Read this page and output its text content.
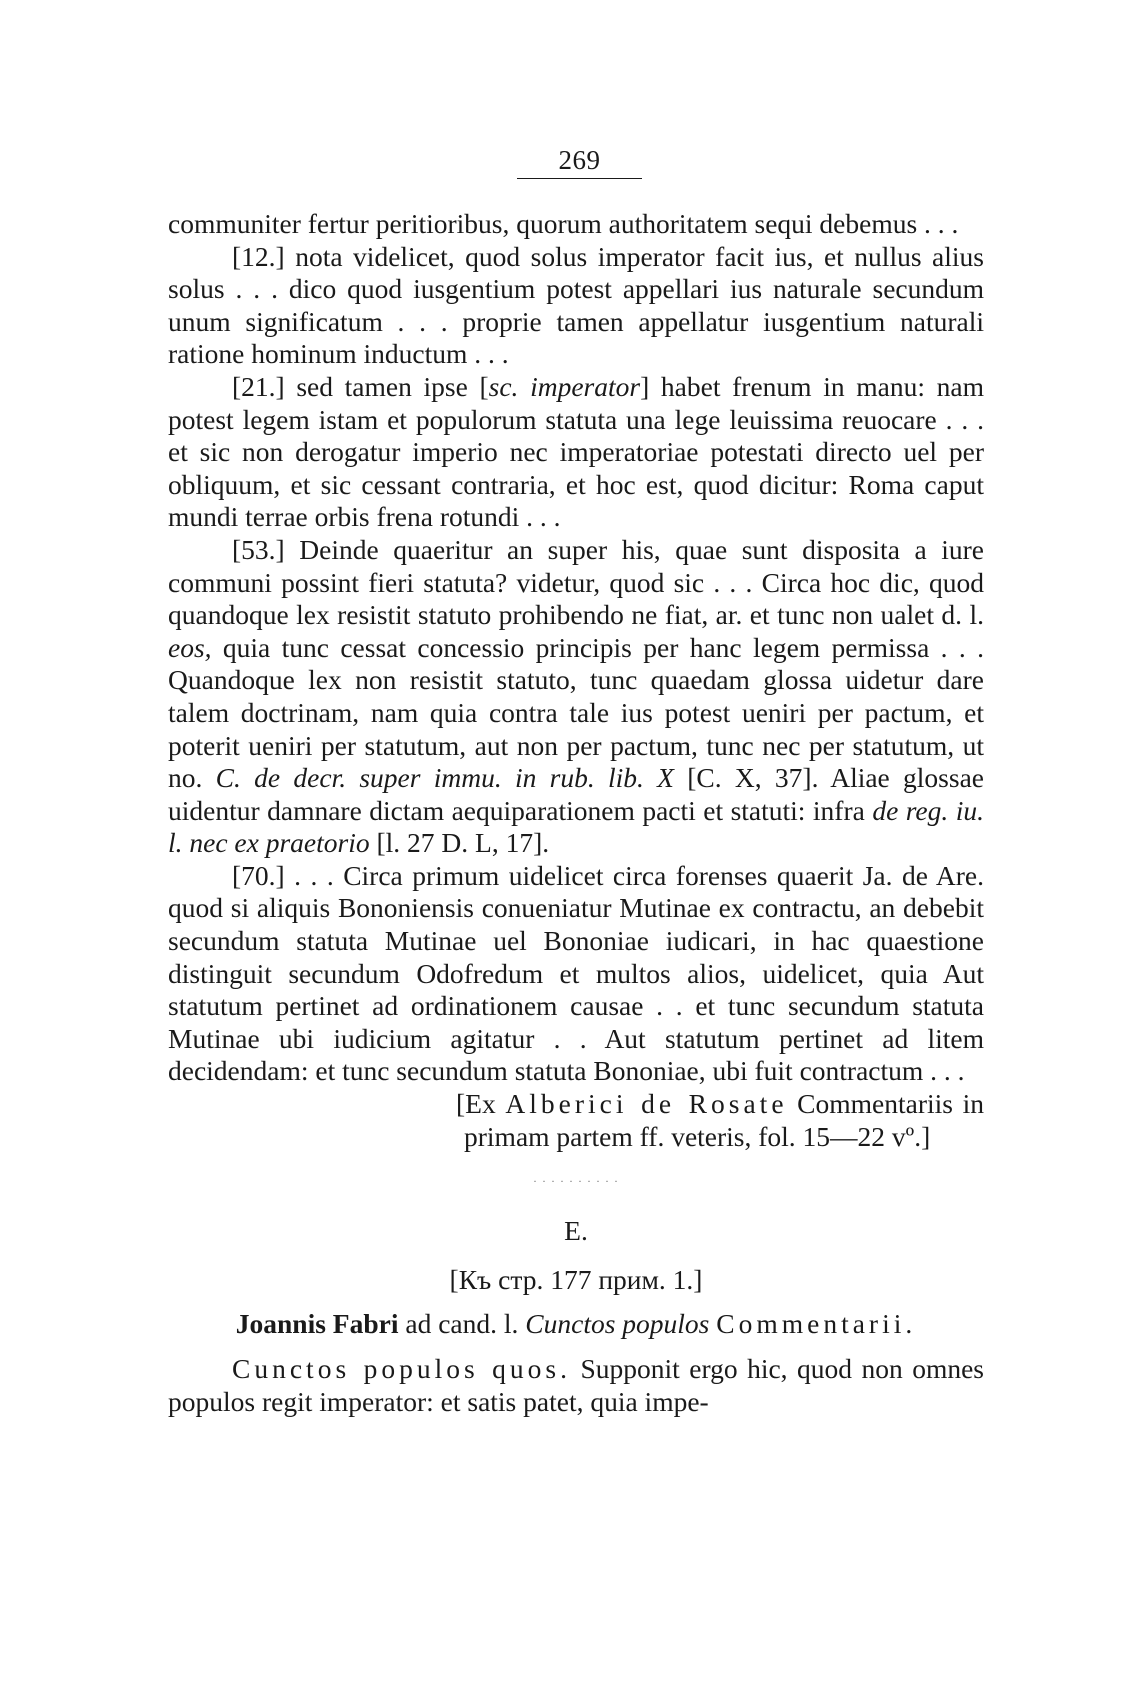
269

communiter fertur peritioribus, quorum authoritatem sequi debemus . . .

[12.] nota videlicet, quod solus imperator facit ius, et nullus alius solus . . . dico quod iusgentium potest appellari ius naturale secundum unum significatum . . . proprie tamen appellatur iusgentium naturali ratione hominum inductum . . .

[21.] sed tamen ipse [sc. imperator] habet frenum in manu: nam potest legem istam et populorum statuta una lege leuissima reuocare . . . et sic non derogatur imperio nec imperatoriae potestati directo uel per obliquum, et sic cessant contraria, et hoc est, quod dicitur: Roma caput mundi terrae orbis frena rotundi . . .

[53.] Deinde quaeritur an super his, quae sunt disposita a iure communi possint fieri statuta? videtur, quod sic . . . Circa hoc dic, quod quandoque lex resistit statuto prohibendo ne fiat, ar. et tunc non ualet d. l. eos, quia tunc cessat concessio principis per hanc legem permissa . . . Quandoque lex non resistit statuto, tunc quaedam glossa uidetur dare talem doctrinam, nam quia contra tale ius potest ueniri per pactum, et poterit ueniri per statutum, aut non per pactum, tunc nec per statutum, ut no. C. de decr. super immu. in rub. lib. X [C. X, 37]. Aliae glossae uidentur damnare dictam aequiparationem pacti et statuti: infra de reg. iu. l. nec ex praetorio [l. 27 D. L, 17].

[70.] . . . Circa primum uidelicet circa forenses quaerit Ja. de Are. quod si aliquis Bononiensis conueniatur Mutinae ex contractu, an debebit secundum statuta Mutinae uel Bononiae iudicari, in hac quaestione distinguit secundum Odofredum et multos alios, uidelicet, quia Aut statutum pertinet ad ordinationem causae . . et tunc secundum statuta Mutinae ubi iudicium agitatur . . Aut statutum pertinet ad litem decidendam: et tunc secundum statuta Bononiae, ubi fuit contractum . . .

[Ex Alberici de Rosate Commentariis in primam partem ff. veteris, fol. 15—22 vº.]

· · · · · · · · · ·

E.

[Къ стр. 177 прим. 1.]

Joannis Fabri ad cand. l. Cunctos populos Commentarii.

Cunctos populos quos. Supponit ergo hic, quod non omnes populos regit imperator: et satis patet, quia impe-
